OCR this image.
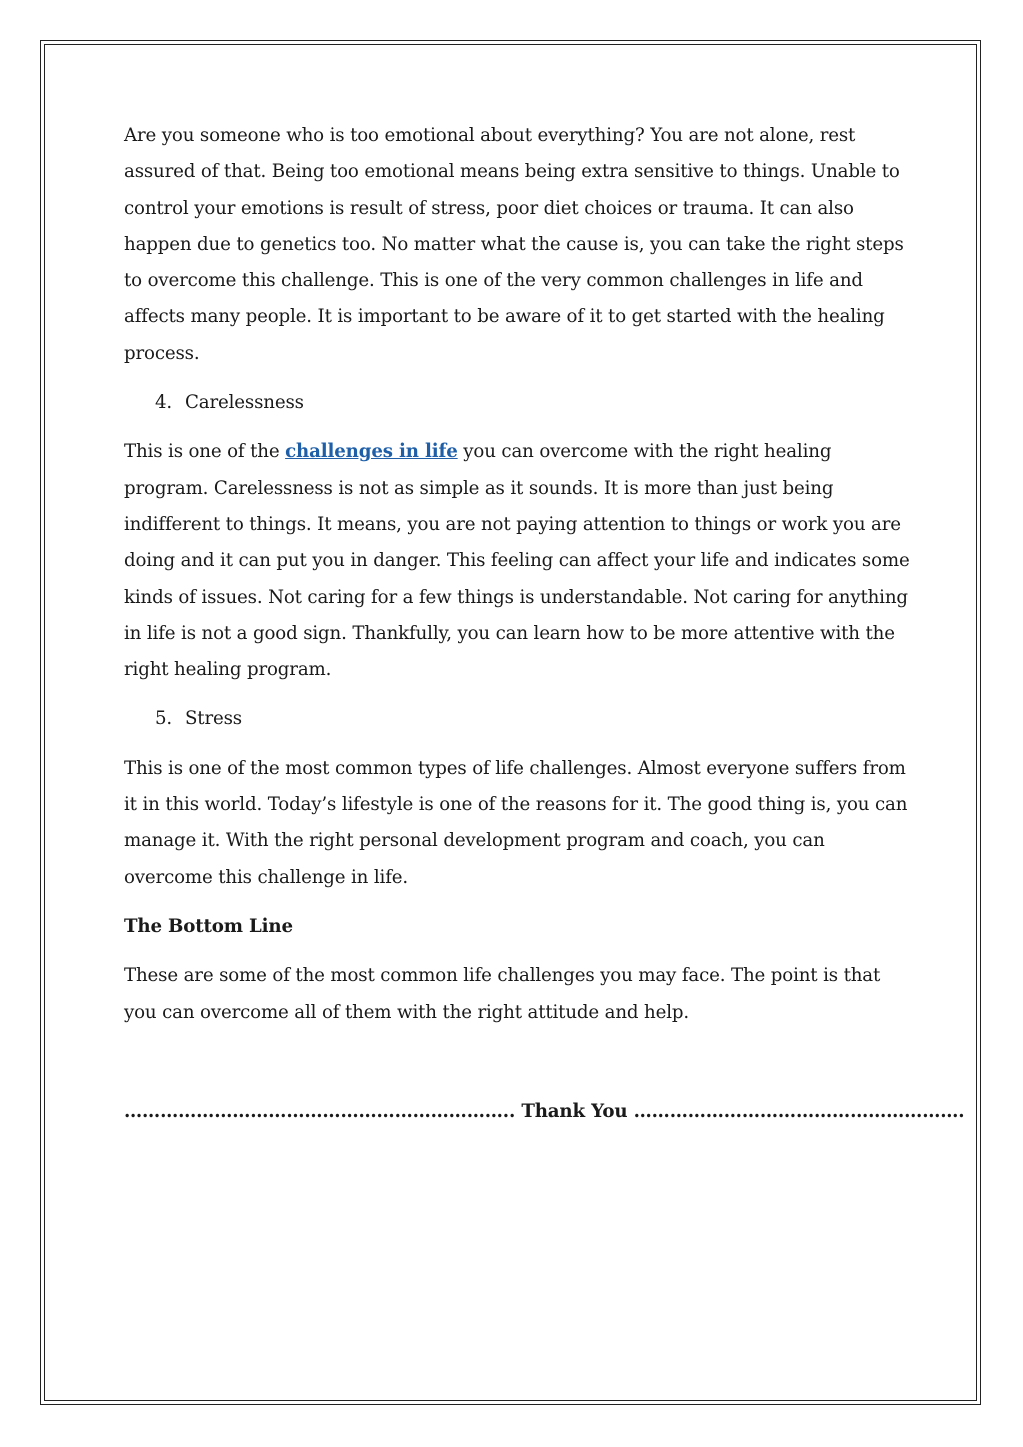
Are you someone who is too emotional about everything? You are not alone, rest assured of that. Being too emotional means being extra sensitive to things. Unable to control your emotions is result of stress, poor diet choices or trauma. It can also happen due to genetics too. No matter what the cause is, you can take the right steps to overcome this challenge. This is one of the very common challenges in life and affects many people. It is important to be aware of it to get started with the healing process.

4. Carelessness

This is one of the challenges in life you can overcome with the right healing program. Carelessness is not as simple as it sounds. It is more than just being indifferent to things. It means, you are not paying attention to things or work you are doing and it can put you in danger. This feeling can affect your life and indicates some kinds of issues. Not caring for a few things is understandable. Not caring for anything in life is not a good sign. Thankfully, you can learn how to be more attentive with the right healing program.

5. Stress

This is one of the most common types of life challenges. Almost everyone suffers from it in this world. Today’s lifestyle is one of the reasons for it. The good thing is, you can manage it. With the right personal development program and coach, you can overcome this challenge in life.

The Bottom Line

These are some of the most common life challenges you may face. The point is that you can overcome all of them with the right attitude and help.

……………………………………………………….. Thank You ……………………………………………….
